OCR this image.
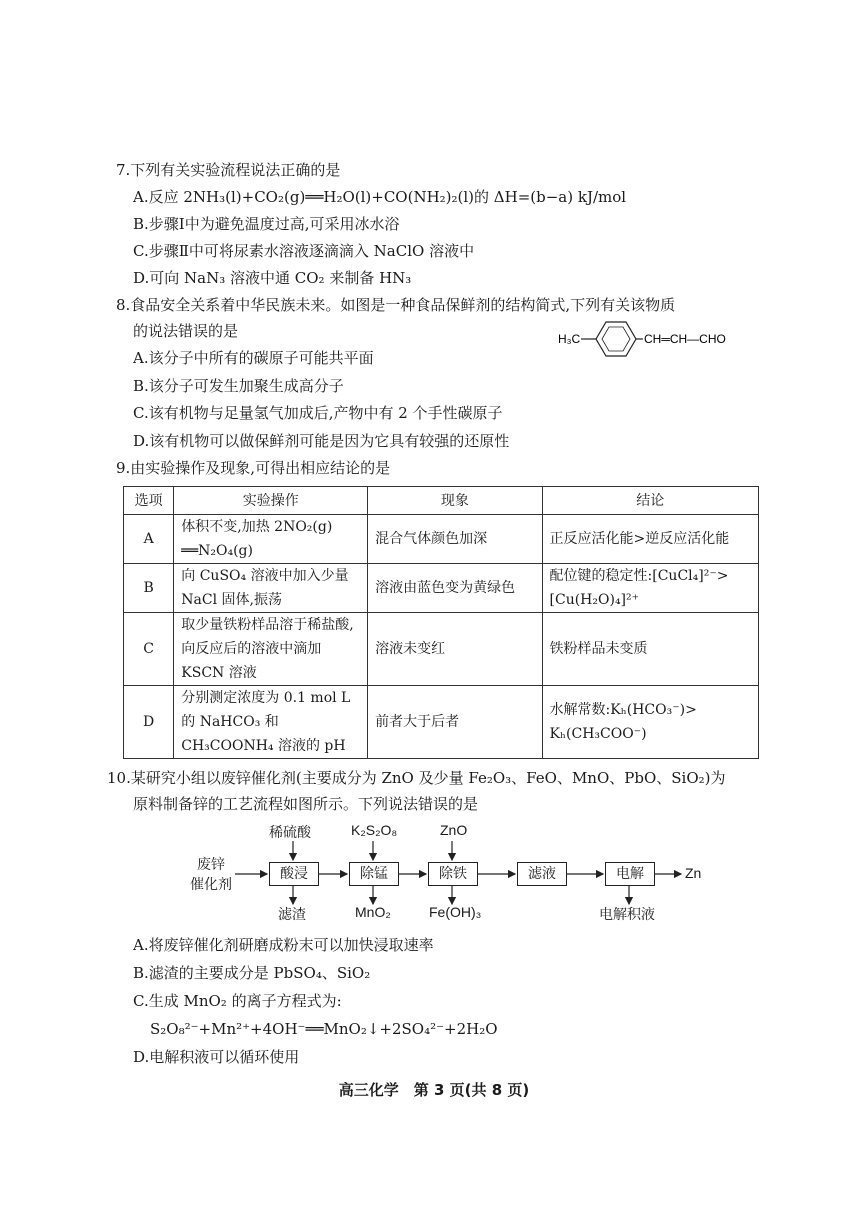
7.下列有关实验流程说法正确的是
A.反应 2NH₃(l)+CO₂(g)══H₂O(l)+CO(NH₂)₂(l)的 ΔH=(b−a) kJ/mol
B.步骤Ⅰ中为避免温度过高,可采用冰水浴
C.步骤Ⅱ中可将尿素水溶液逐滴滴入 NaClO 溶液中
D.可向 NaN₃ 溶液中通 CO₂ 来制备 HN₃
8.食品安全关系着中华民族未来。如图是一种食品保鲜剂的结构简式,下列有关该物质
的说法错误的是	H₃C	CH═CH—CHO
A.该分子中所有的碳原子可能共平面
B.该分子可发生加聚生成高分子
C.该有机物与足量氢气加成后,产物中有 2 个手性碳原子
D.该有机物可以做保鲜剂可能是因为它具有较强的还原性
9.由实验操作及现象,可得出相应结论的是
选项	实验操作	现象	结论
A	体积不变,加热 2NO₂(g) ══N₂O₄(g)	混合气体颜色加深	正反应活化能>逆反应活化能
B	向 CuSO₄ 溶液中加入少量 NaCl 固体,振荡	溶液由蓝色变为黄绿色	配位键的稳定性:[CuCl₄]²⁻> [Cu(H₂O)₄]²⁺
C	取少量铁粉样品溶于稀盐酸,向反应后的溶液中滴加 KSCN 溶液	溶液未变红	铁粉样品未变质
D	分别测定浓度为 0.1 mol L 的 NaHCO₃ 和 CH₃COONH₄ 溶液的 pH	前者大于后者	水解常数:Kₕ(HCO₃⁻)> Kₕ(CH₃COO⁻)
10.某研究小组以废锌催化剂(主要成分为 ZnO 及少量 Fe₂O₃、FeO、MnO、PbO、SiO₂)为
原料制备锌的工艺流程如图所示。下列说法错误的是
废锌
催化剂
酸浸	除锰	除铁	滤液	电解
稀硫酸	K₂S₂O₈	ZnO
滤渣	MnO₂	Fe(OH)₃	电解积液
Zn
A.将废锌催化剂研磨成粉末可以加快浸取速率
B.滤渣的主要成分是 PbSO₄、SiO₂
C.生成 MnO₂ 的离子方程式为:
S₂O₈²⁻+Mn²⁺+4OH⁻══MnO₂↓+2SO₄²⁻+2H₂O
D.电解积液可以循环使用
高三化学　第 3 页(共 8 页)
